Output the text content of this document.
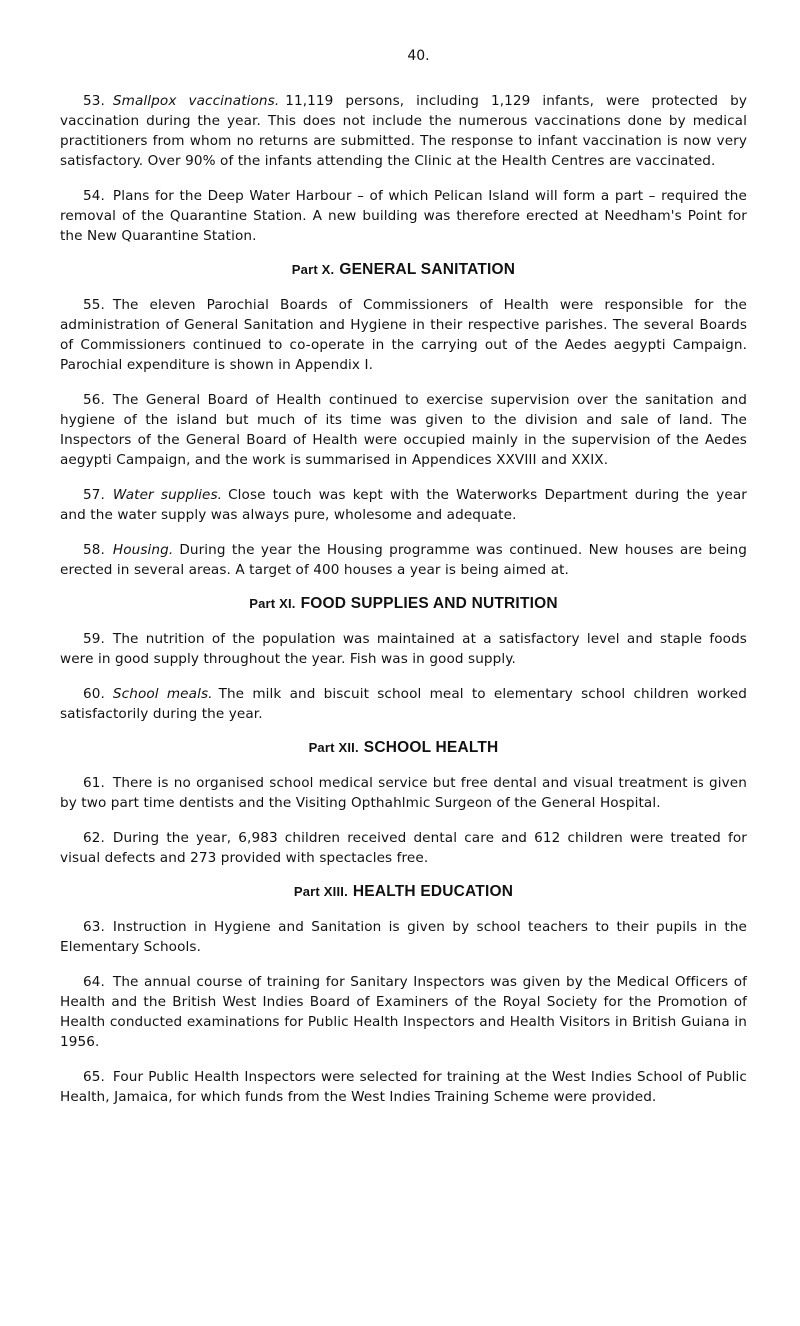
40.

53. Smallpox vaccinations. 11,119 persons, including 1,129 infants, were protected by vaccination during the year. This does not include the numerous vaccinations done by medical practitioners from whom no returns are submitted. The response to infant vaccination is now very satisfactory. Over 90% of the infants attending the Clinic at the Health Centres are vaccinated.

54. Plans for the Deep Water Harbour – of which Pelican Island will form a part – required the removal of the Quarantine Station. A new building was therefore erected at Needham's Point for the New Quarantine Station.

Part X. GENERAL SANITATION

55. The eleven Parochial Boards of Commissioners of Health were responsible for the administration of General Sanitation and Hygiene in their respective parishes. The several Boards of Commissioners continued to co-operate in the carrying out of the Aedes aegypti Campaign. Parochial expenditure is shown in Appendix I.

56. The General Board of Health continued to exercise supervision over the sanitation and hygiene of the island but much of its time was given to the division and sale of land. The Inspectors of the General Board of Health were occupied mainly in the supervision of the Aedes aegypti Campaign, and the work is summarised in Appendices XXVIII and XXIX.

57. Water supplies. Close touch was kept with the Waterworks Department during the year and the water supply was always pure, wholesome and adequate.

58. Housing. During the year the Housing programme was continued. New houses are being erected in several areas. A target of 400 houses a year is being aimed at.

Part XI. FOOD SUPPLIES AND NUTRITION

59. The nutrition of the population was maintained at a satisfactory level and staple foods were in good supply throughout the year. Fish was in good supply.

60. School meals. The milk and biscuit school meal to elementary school children worked satisfactorily during the year.

Part XII. SCHOOL HEALTH

61. There is no organised school medical service but free dental and visual treatment is given by two part time dentists and the Visiting Opthahlmic Surgeon of the General Hospital.

62. During the year, 6,983 children received dental care and 612 children were treated for visual defects and 273 provided with spectacles free.

Part XIII. HEALTH EDUCATION

63. Instruction in Hygiene and Sanitation is given by school teachers to their pupils in the Elementary Schools.

64. The annual course of training for Sanitary Inspectors was given by the Medical Officers of Health and the British West Indies Board of Examiners of the Royal Society for the Promotion of Health conducted examinations for Public Health Inspectors and Health Visitors in British Guiana in 1956.

65. Four Public Health Inspectors were selected for training at the West Indies School of Public Health, Jamaica, for which funds from the West Indies Training Scheme were provided.
